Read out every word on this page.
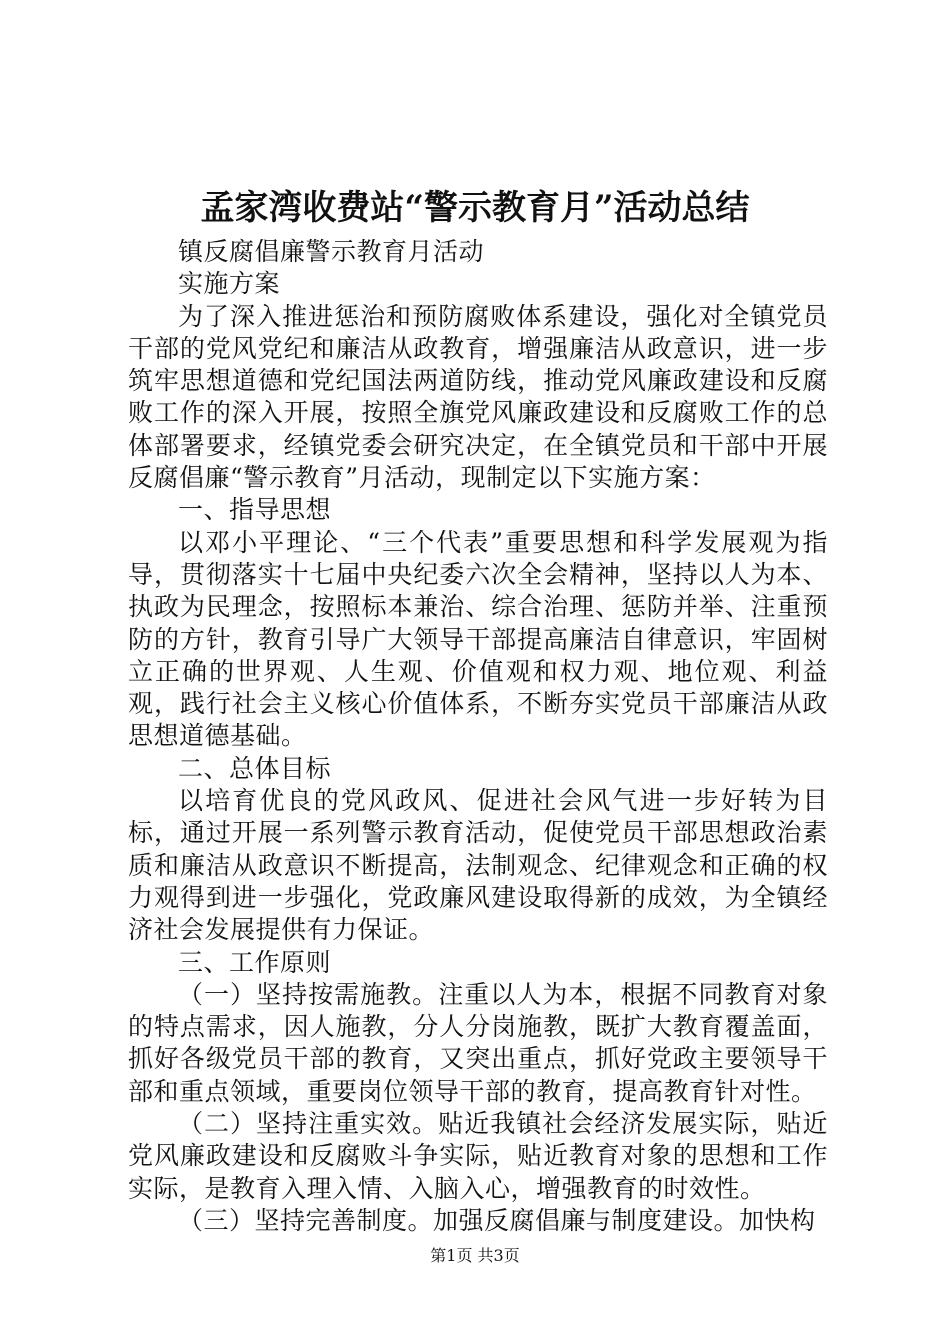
孟家湾收费站“警示教育月”活动总结

镇反腐倡廉警示教育月活动

实施方案

为了深入推进惩治和预防腐败体系建设，强化对全镇党员干部的党风党纪和廉洁从政教育，增强廉洁从政意识，进一步筑牢思想道德和党纪国法两道防线，推动党风廉政建设和反腐败工作的深入开展，按照全旗党风廉政建设和反腐败工作的总体部署要求，经镇党委会研究决定，在全镇党员和干部中开展反腐倡廉“警示教育”月活动，现制定以下实施方案：

一、指导思想

以邓小平理论、“三个代表”重要思想和科学发展观为指导，贯彻落实十七届中央纪委六次全会精神，坚持以人为本、执政为民理念，按照标本兼治、综合治理、惩防并举、注重预防的方针，教育引导广大领导干部提高廉洁自律意识，牢固树立正确的世界观、人生观、价值观和权力观、地位观、利益观，践行社会主义核心价值体系，不断夯实党员干部廉洁从政思想道德基础。

二、总体目标

以培育优良的党风政风、促进社会风气进一步好转为目标，通过开展一系列警示教育活动，促使党员干部思想政治素质和廉洁从政意识不断提高，法制观念、纪律观念和正确的权力观得到进一步强化，党政廉风建设取得新的成效，为全镇经济社会发展提供有力保证。

三、工作原则

（一）坚持按需施教。注重以人为本，根据不同教育对象的特点需求，因人施教，分人分岗施教，既扩大教育覆盖面，抓好各级党员干部的教育，又突出重点，抓好党政主要领导干部和重点领域，重要岗位领导干部的教育，提高教育针对性。

（二）坚持注重实效。贴近我镇社会经济发展实际，贴近党风廉政建设和反腐败斗争实际，贴近教育对象的思想和工作实际，是教育入理入情、入脑入心，增强教育的时效性。

（三）坚持完善制度。加强反腐倡廉与制度建设。加快构

第1页 共3页
